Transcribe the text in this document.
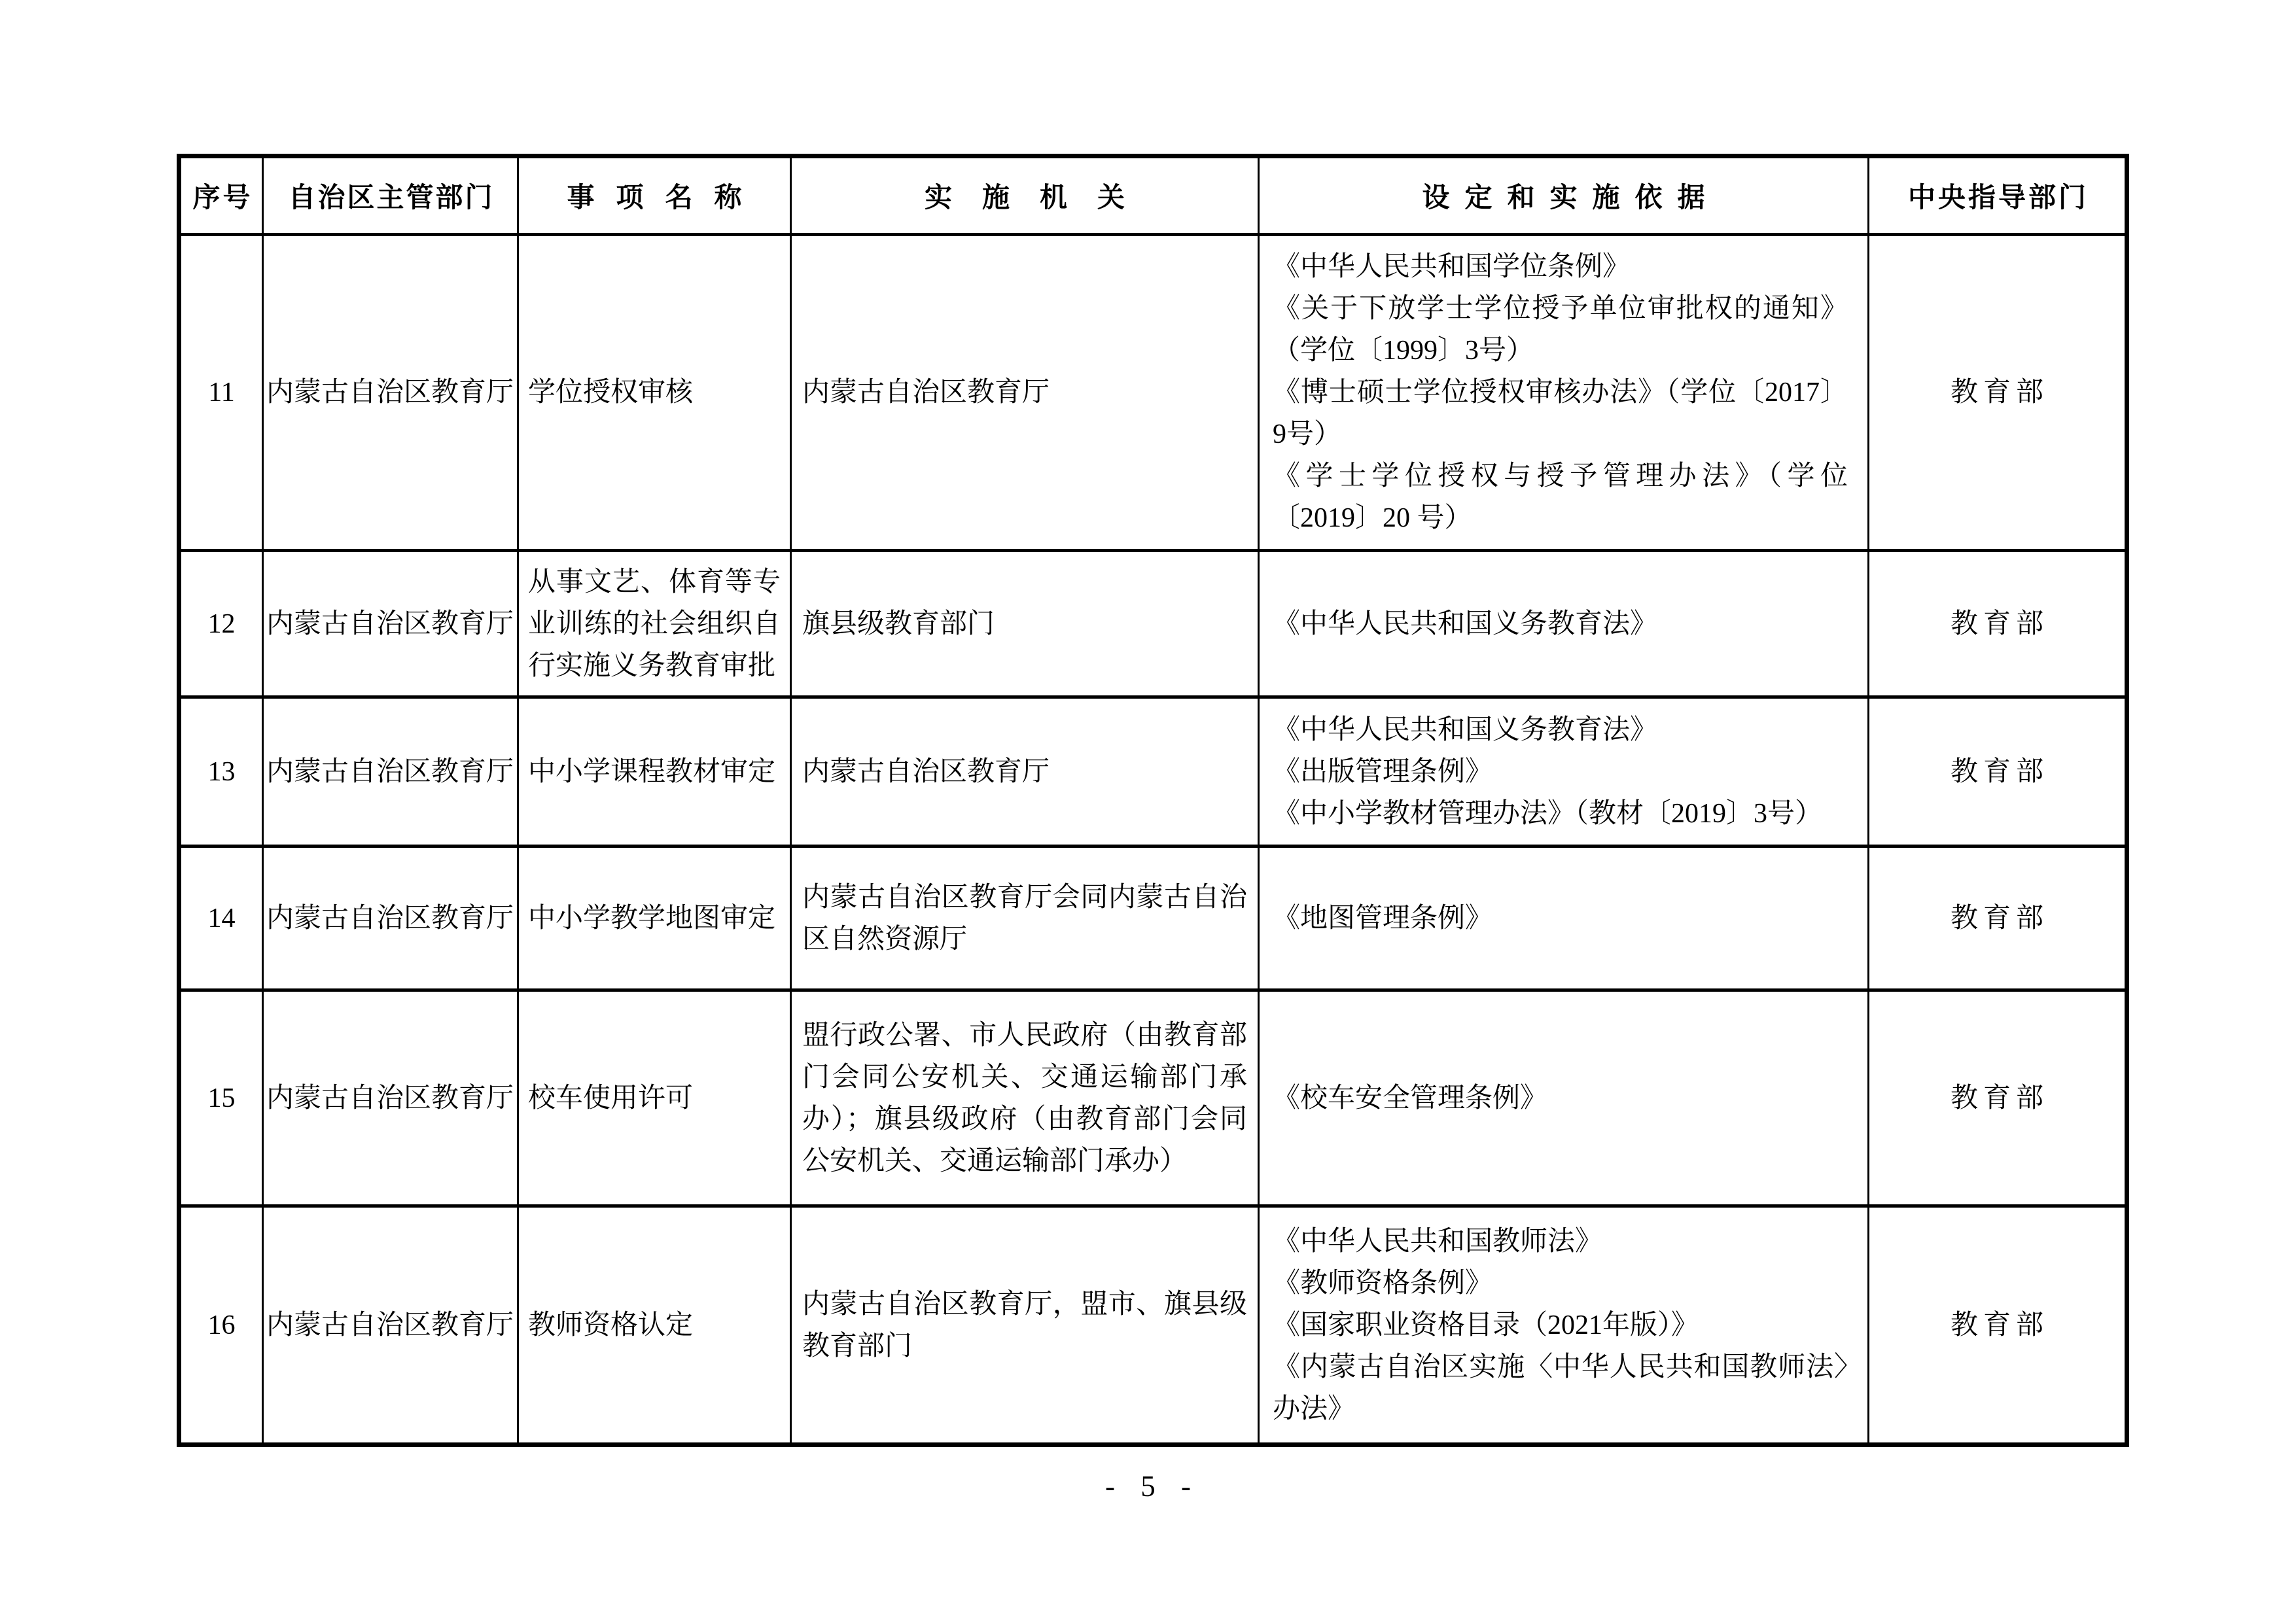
序号	自治区主管部门	事项名称	实施机关	设定和实施依据	中央指导部门
11	内蒙古自治区教育厅	学位授权审核	内蒙古自治区教育厅	《中华人民共和国学位条例》
《关于下放学士学位授予单位审批权的通知》（学位〔1999〕3号）
《博士硕士学位授权审核办法》（学位〔2017〕9号）
《学士学位授权与授予管理办法》（学位〔2019〕20 号）	教育部
12	内蒙古自治区教育厅	从事文艺、体育等专业训练的社会组织自行实施义务教育审批	旗县级教育部门	《中华人民共和国义务教育法》	教育部
13	内蒙古自治区教育厅	中小学课程教材审定	内蒙古自治区教育厅	《中华人民共和国义务教育法》
《出版管理条例》
《中小学教材管理办法》（教材〔2019〕3号）	教育部
14	内蒙古自治区教育厅	中小学教学地图审定	内蒙古自治区教育厅会同内蒙古自治区自然资源厅	《地图管理条例》	教育部
15	内蒙古自治区教育厅	校车使用许可	盟行政公署、市人民政府（由教育部门会同公安机关、交通运输部门承办）；旗县级政府（由教育部门会同公安机关、交通运输部门承办）	《校车安全管理条例》	教育部
16	内蒙古自治区教育厅	教师资格认定	内蒙古自治区教育厅，盟市、旗县级教育部门	《中华人民共和国教师法》
《教师资格条例》
《国家职业资格目录（2021年版）》
《内蒙古自治区实施〈中华人民共和国教师法〉办法》	教育部
- 5 -
